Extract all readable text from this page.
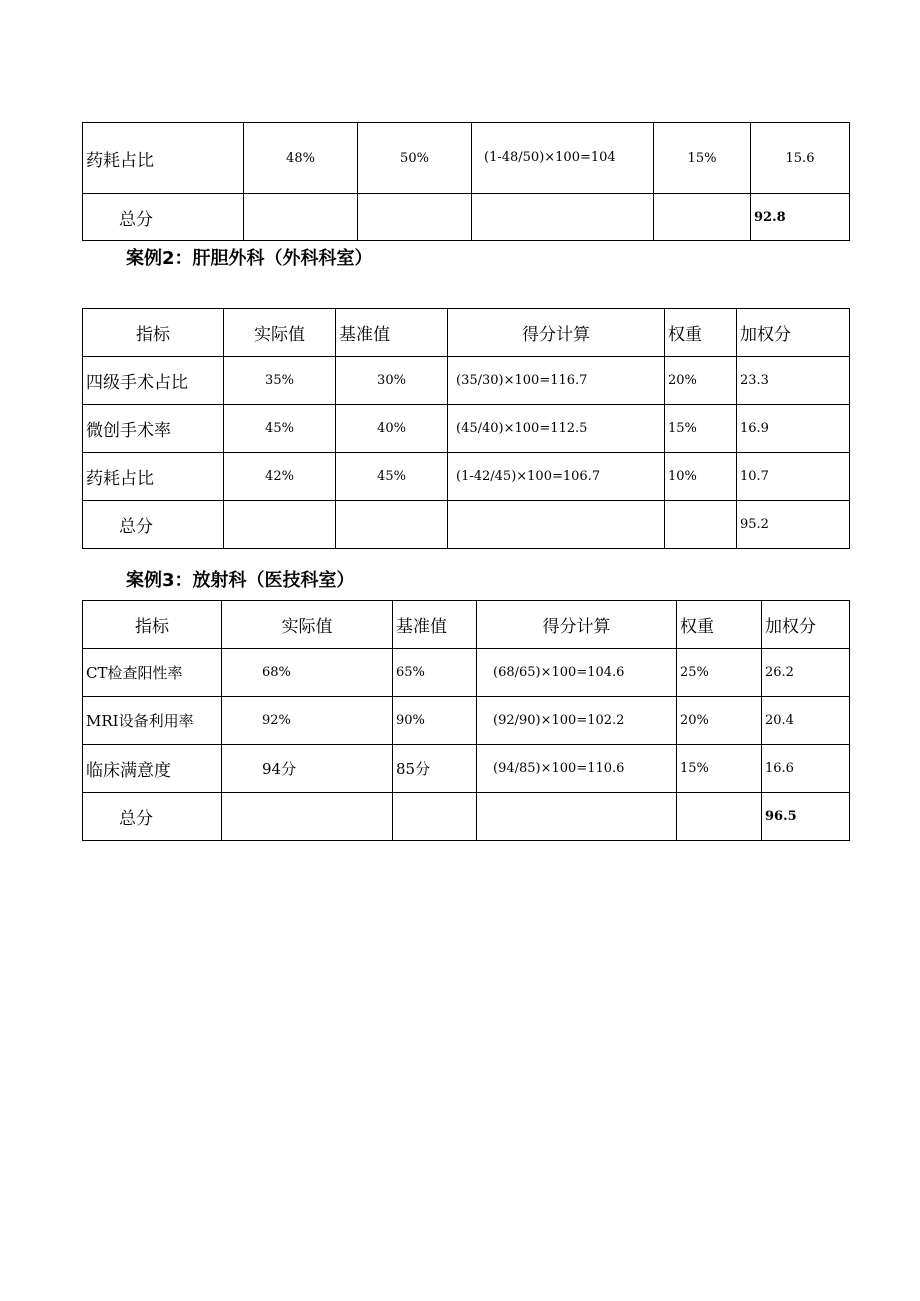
药耗占比	48%	50%	(1-48/50)×100=104	15%	15.6
总分					92.8
案例2：肝胆外科（外科科室）
指标	实际值	基准值	得分计算	权重	加权分
四级手术占比	35%	30%	(35/30)×100=116.7	20%	23.3
微创手术率	45%	40%	(45/40)×100=112.5	15%	16.9
药耗占比	42%	45%	(1-42/45)×100=106.7	10%	10.7
总分					95.2
案例3：放射科（医技科室）
指标	实际值	基准值	得分计算	权重	加权分
CT检查阳性率	68%	65%	(68/65)×100=104.6	25%	26.2
MRI设备利用率	92%	90%	(92/90)×100=102.2	20%	20.4
临床满意度	94分	85分	(94/85)×100=110.6	15%	16.6
总分					96.5
